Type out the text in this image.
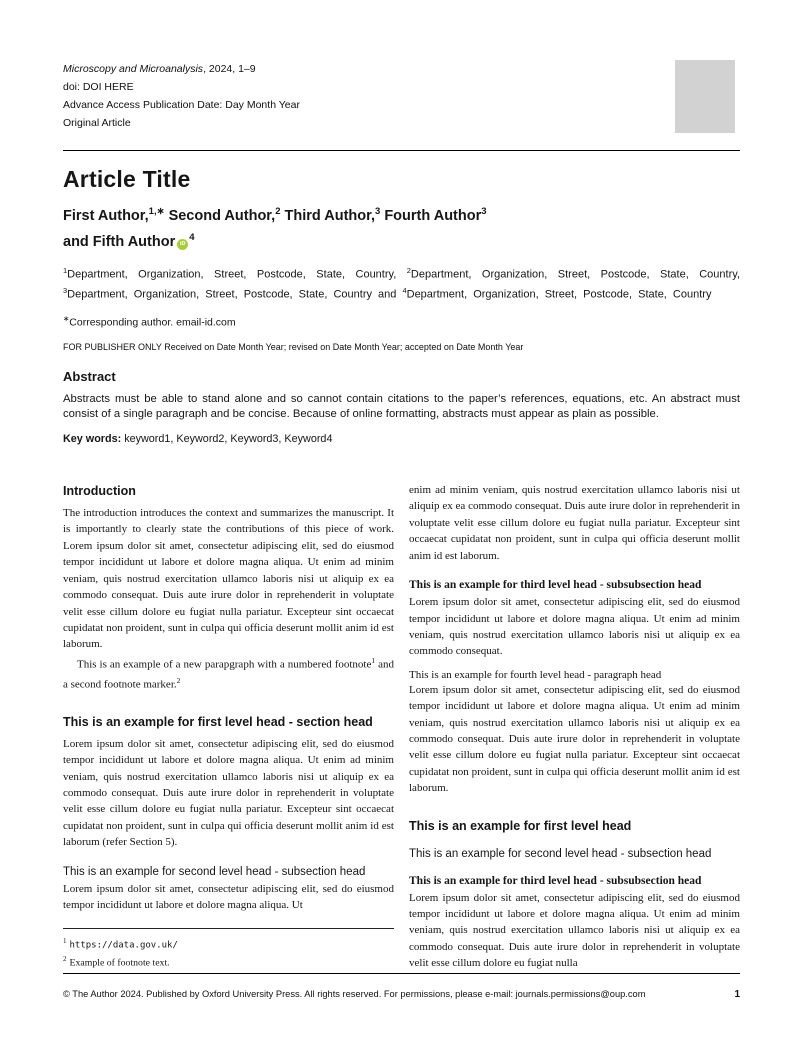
Microscopy and Microanalysis, 2024, 1–9
doi: DOI HERE
Advance Access Publication Date: Day Month Year
Original Article
Article Title
First Author,$^{1,∗}$ Second Author,$^2$ Third Author,$^3$ Fourth Author$^3$
and Fifth Author $iD^4$
$^1$Department, Organization, Street, Postcode, State, Country, $^2$Department, Organization, Street, Postcode, State, Country, $^3$Department, Organization, Street, Postcode, State, Country and $^4$Department, Organization, Street, Postcode, State, Country
∗Corresponding author. email-id.com
FOR PUBLISHER ONLY Received on Date Month Year; revised on Date Month Year; accepted on Date Month Year
Abstract

Abstracts must be able to stand alone and so cannot contain citations to the paper’s references, equations, etc. An abstract must consist of a single paragraph and be concise. Because of online formatting, abstracts must appear as plain as possible.

Key words: keyword1, Keyword2, Keyword3, Keyword4

Introduction

The introduction introduces the context and summarizes the manuscript. It is importantly to clearly state the contributions of this piece of work. Lorem ipsum dolor sit amet, consectetur adipiscing elit, sed do eiusmod tempor incididunt ut labore et dolore magna aliqua. Ut enim ad minim veniam, quis nostrud exercitation ullamco laboris nisi ut aliquip ex ea commodo consequat. Duis aute irure dolor in reprehenderit in voluptate velit esse cillum dolore eu fugiat nulla pariatur. Excepteur sint occaecat cupidatat non proident, sunt in culpa qui officia deserunt mollit anim id est laborum.

This is an example of a new parapgraph with a numbered footnote$^1$ and a second footnote marker.$^2$

This is an example for first level head - section head

Lorem ipsum dolor sit amet, consectetur adipiscing elit, sed do eiusmod tempor incididunt ut labore et dolore magna aliqua. Ut enim ad minim veniam, quis nostrud exercitation ullamco laboris nisi ut aliquip ex ea commodo consequat. Duis aute irure dolor in reprehenderit in voluptate velit esse cillum dolore eu fugiat nulla pariatur. Excepteur sint occaecat cupidatat non proident, sunt in culpa qui officia deserunt mollit anim id est laborum (refer Section 5).

This is an example for second level head - subsection head

Lorem ipsum dolor sit amet, consectetur adipiscing elit, sed do eiusmod tempor incididunt ut labore et dolore magna aliqua. Ut

enim ad minim veniam, quis nostrud exercitation ullamco laboris nisi ut aliquip ex ea commodo consequat. Duis aute irure dolor in reprehenderit in voluptate velit esse cillum dolore eu fugiat nulla pariatur. Excepteur sint occaecat cupidatat non proident, sunt in culpa qui officia deserunt mollit anim id est laborum.

This is an example for third level head - subsubsection head

Lorem ipsum dolor sit amet, consectetur adipiscing elit, sed do eiusmod tempor incididunt ut labore et dolore magna aliqua. Ut enim ad minim veniam, quis nostrud exercitation ullamco laboris nisi ut aliquip ex ea commodo consequat.

This is an example for fourth level head - paragraph head

Lorem ipsum dolor sit amet, consectetur adipiscing elit, sed do eiusmod tempor incididunt ut labore et dolore magna aliqua. Ut enim ad minim veniam, quis nostrud exercitation ullamco laboris nisi ut aliquip ex ea commodo consequat. Duis aute irure dolor in reprehenderit in voluptate velit esse cillum dolore eu fugiat nulla pariatur. Excepteur sint occaecat cupidatat non proident, sunt in culpa qui officia deserunt mollit anim id est laborum.

This is an example for first level head
This is an example for second level head - subsection head
This is an example for third level head - subsubsection head

Lorem ipsum dolor sit amet, consectetur adipiscing elit, sed do eiusmod tempor incididunt ut labore et dolore magna aliqua. Ut enim ad minim veniam, quis nostrud exercitation ullamco laboris nisi ut aliquip ex ea commodo consequat. Duis aute irure dolor in reprehenderit in voluptate velit esse cillum dolore eu fugiat nulla

$^1$ https://data.gov.uk/
$^2$ Example of footnote text.
© The Author 2024. Published by Oxford University Press. All rights reserved. For permissions, please e-mail: journals.permissions@oup.com	1
